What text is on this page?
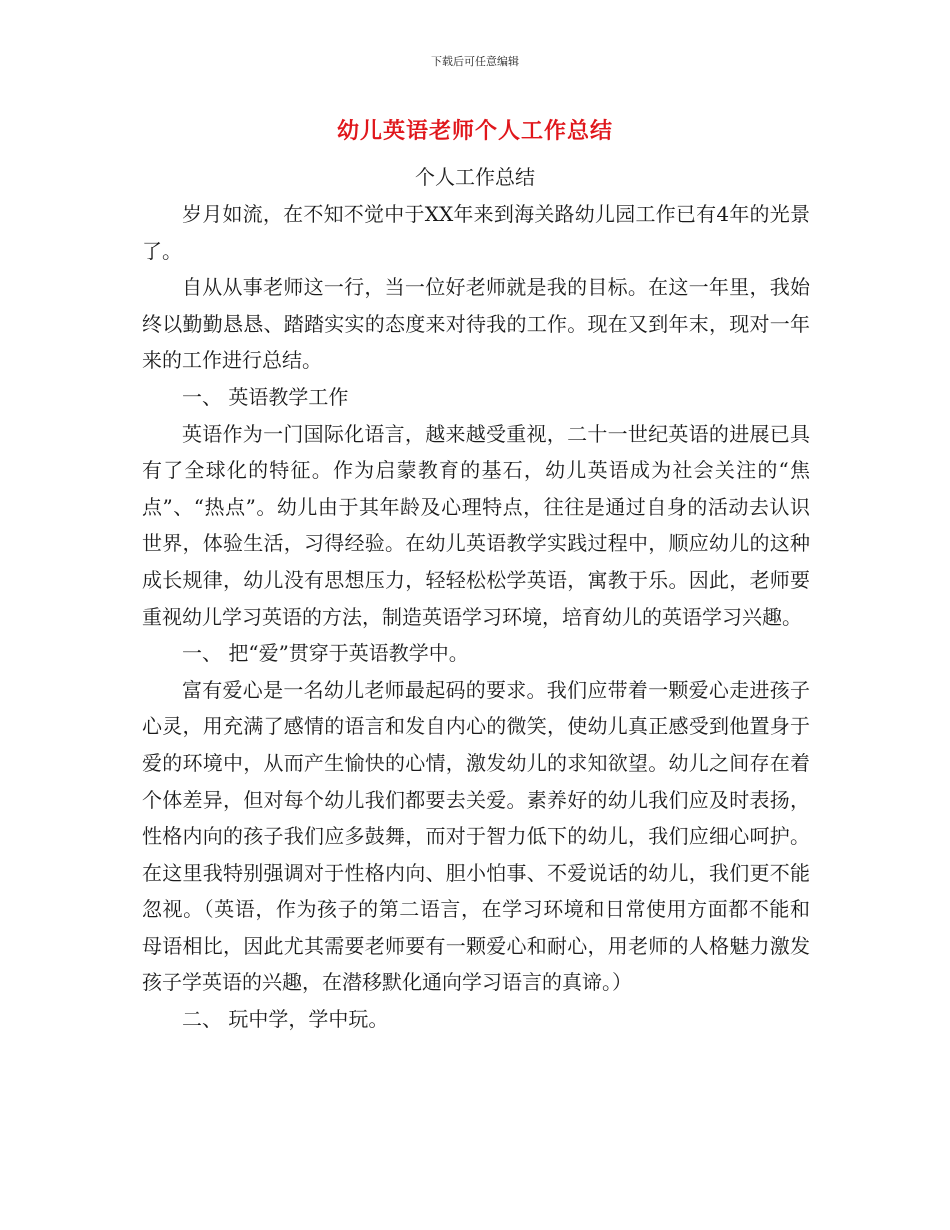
下载后可任意编辑
幼儿英语老师个人工作总结
个人工作总结

岁月如流，在不知不觉中于XX年来到海关路幼儿园工作已有4年的光景了。

自从从事老师这一行，当一位好老师就是我的目标。在这一年里，我始终以勤勤恳恳、踏踏实实的态度来对待我的工作。现在又到年末，现对一年来的工作进行总结。

一、 英语教学工作

英语作为一门国际化语言，越来越受重视，二十一世纪英语的进展已具有了全球化的特征。作为启蒙教育的基石，幼儿英语成为社会关注的“焦点”、“热点”。幼儿由于其年龄及心理特点，往往是通过自身的活动去认识世界，体验生活，习得经验。在幼儿英语教学实践过程中，顺应幼儿的这种成长规律，幼儿没有思想压力，轻轻松松学英语，寓教于乐。因此，老师要重视幼儿学习英语的方法，制造英语学习环境，培育幼儿的英语学习兴趣。

一、 把“爱”贯穿于英语教学中。

富有爱心是一名幼儿老师最起码的要求。我们应带着一颗爱心走进孩子心灵，用充满了感情的语言和发自内心的微笑，使幼儿真正感受到他置身于爱的环境中，从而产生愉快的心情，激发幼儿的求知欲望。幼儿之间存在着个体差异，但对每个幼儿我们都要去关爱。素养好的幼儿我们应及时表扬，性格内向的孩子我们应多鼓舞，而对于智力低下的幼儿，我们应细心呵护。在这里我特别强调对于性格内向、胆小怕事、不爱说话的幼儿，我们更不能忽视。（英语，作为孩子的第二语言，在学习环境和日常使用方面都不能和母语相比，因此尤其需要老师要有一颗爱心和耐心，用老师的人格魅力激发孩子学英语的兴趣，在潜移默化通向学习语言的真谛。）

二、 玩中学，学中玩。
